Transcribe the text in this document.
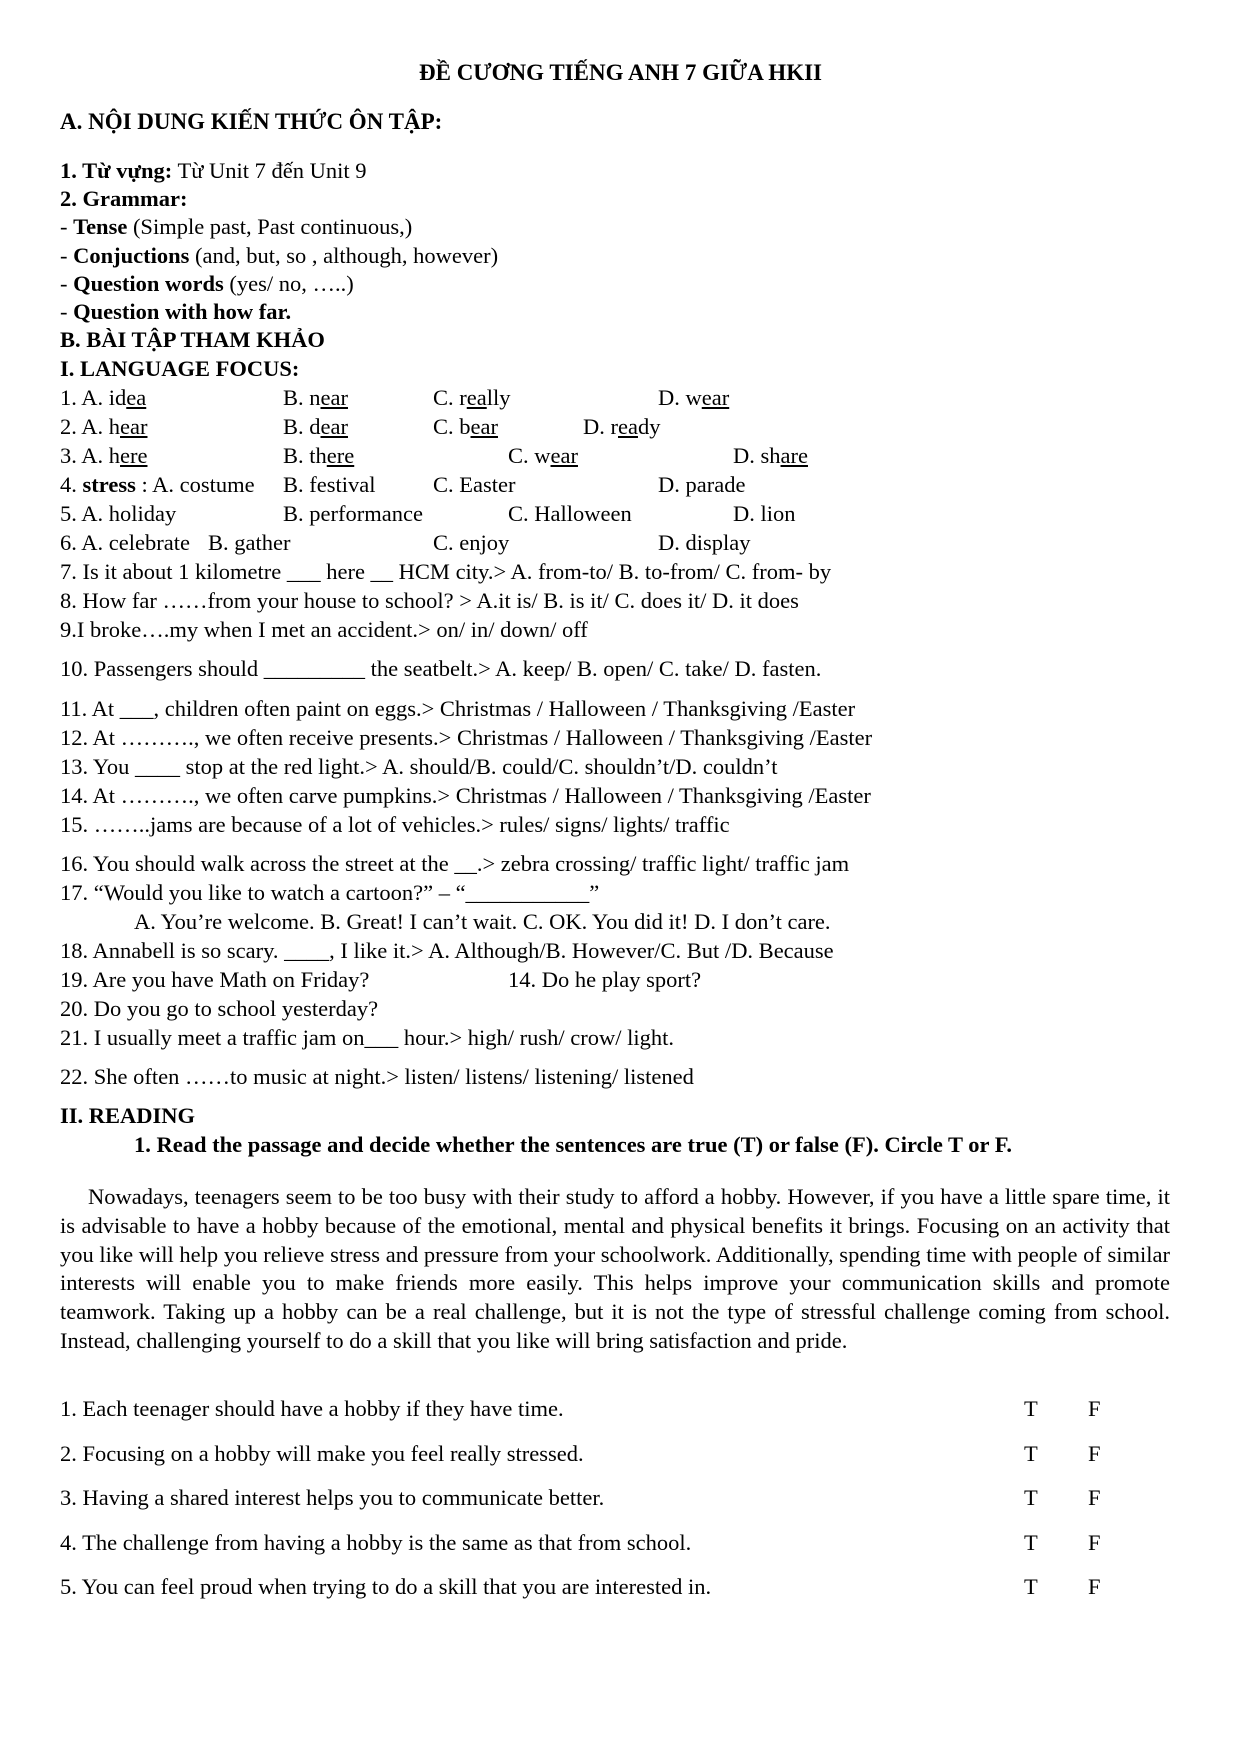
ĐỀ CƯƠNG TIẾNG ANH 7 GIỮA HKII
A. NỘI DUNG KIẾN THỨC ÔN TẬP:
1. Từ vựng: Từ Unit 7 đến Unit 9
2. Grammar:
- Tense (Simple past, Past continuous,)
- Conjuctions (and, but, so , although, however)
- Question words (yes/ no, …..)
- Question with how far.
B. BÀI TẬP THAM KHẢO
I. LANGUAGE FOCUS:
1. A. idea	B. near	C. really	D. wear
2. A. hear	B. dear	C. bear	D. ready
3. A. here	B. there	C. wear	D. share
4. stress : A. costume B. festival	C. Easter	D. parade
5. A. holiday	B. performance	C. Halloween	D. lion
6. A. celebrate B. gather	C. enjoy	D. display
7. Is it about 1 kilometre ___ here __ HCM city.> A. from-to/ B. to-from/ C. from- by
8. How far ……from your house to school? > A.it is/ B. is it/ C. does it/ D. it does
9.I broke….my when I met an accident.> on/ in/ down/ off
10. Passengers should _________ the seatbelt.> A. keep/ B. open/ C. take/ D. fasten.
11. At ___, children often paint on eggs.> Christmas / Halloween / Thanksgiving /Easter
12. At ………., we often receive presents.> Christmas / Halloween / Thanksgiving /Easter
13. You ____ stop at the red light.> A. should/B. could/C. shouldn’t/D. couldn’t
14. At ………., we often carve pumpkins.> Christmas / Halloween / Thanksgiving /Easter
15. ……..jams are because of a lot of vehicles.> rules/ signs/ lights/ traffic
16. You should walk across the street at the __.> zebra crossing/ traffic light/ traffic jam
17. “Would you like to watch a cartoon?” – “___________”
A. You’re welcome. B. Great! I can’t wait. C. OK. You did it! D. I don’t care.
18. Annabell is so scary. ____, I like it.> A. Although/B. However/C. But /D. Because
19. Are you have Math on Friday?	14. Do he play sport?
20. Do you go to school yesterday?
21. I usually meet a traffic jam on___ hour.> high/ rush/ crow/ light.
22. She often ……to music at night.> listen/ listens/ listening/ listened
II. READING
1. Read the passage and decide whether the sentences are true (T) or false (F). Circle T or F.
Nowadays, teenagers seem to be too busy with their study to afford a hobby. However, if you have a little spare time, it is advisable to have a hobby because of the emotional, mental and physical benefits it brings. Focusing on an activity that you like will help you relieve stress and pressure from your schoolwork. Additionally, spending time with people of similar interests will enable you to make friends more easily. This helps improve your communication skills and promote teamwork. Taking up a hobby can be a real challenge, but it is not the type of stressful challenge coming from school. Instead, challenging yourself to do a skill that you like will bring satisfaction and pride.
1. Each teenager should have a hobby if they have time.	T F
2. Focusing on a hobby will make you feel really stressed.	T F
3. Having a shared interest helps you to communicate better.	T F
4. The challenge from having a hobby is the same as that from school.	T F
5. You can feel proud when trying to do a skill that you are interested in.	T F
